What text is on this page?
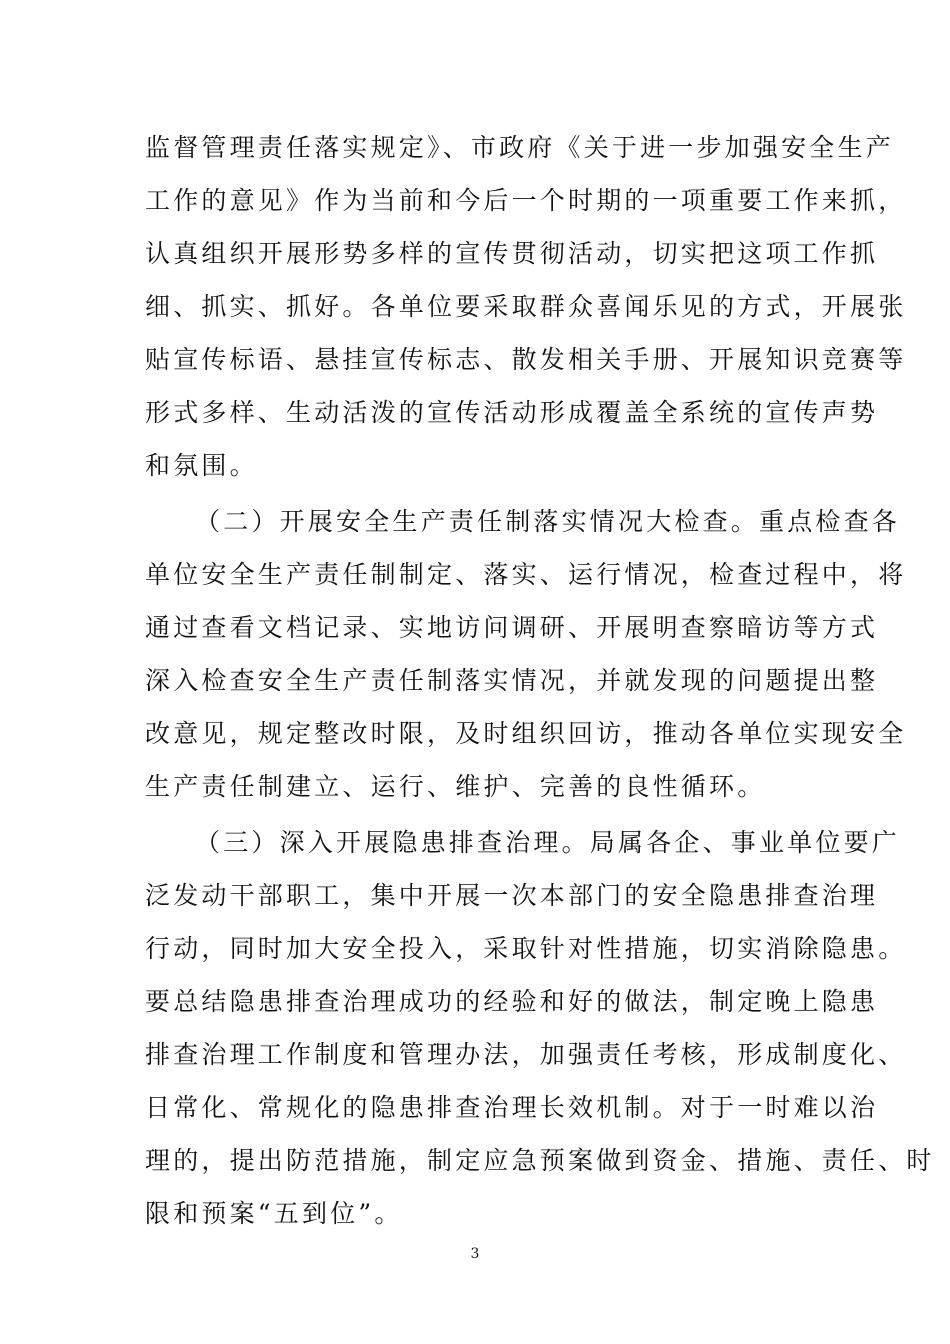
监督管理责任落实规定》、市政府《关于进一步加强安全生产
工作的意见》作为当前和今后一个时期的一项重要工作来抓，
认真组织开展形势多样的宣传贯彻活动，切实把这项工作抓
细、抓实、抓好。各单位要采取群众喜闻乐见的方式，开展张
贴宣传标语、悬挂宣传标志、散发相关手册、开展知识竞赛等
形式多样、生动活泼的宣传活动形成覆盖全系统的宣传声势
和氛围。
（二）开展安全生产责任制落实情况大检查。重点检查各
单位安全生产责任制制定、落实、运行情况，检查过程中，将
通过查看文档记录、实地访问调研、开展明查察暗访等方式
深入检查安全生产责任制落实情况，并就发现的问题提出整
改意见，规定整改时限，及时组织回访，推动各单位实现安全
生产责任制建立、运行、维护、完善的良性循环。
（三）深入开展隐患排查治理。局属各企、事业单位要广
泛发动干部职工，集中开展一次本部门的安全隐患排查治理
行动，同时加大安全投入，采取针对性措施，切实消除隐患。
要总结隐患排查治理成功的经验和好的做法，制定晚上隐患
排查治理工作制度和管理办法，加强责任考核，形成制度化、
日常化、常规化的隐患排查治理长效机制。对于一时难以治
理的，提出防范措施，制定应急预案做到资金、措施、责任、时
限和预案“五到位”。
3
